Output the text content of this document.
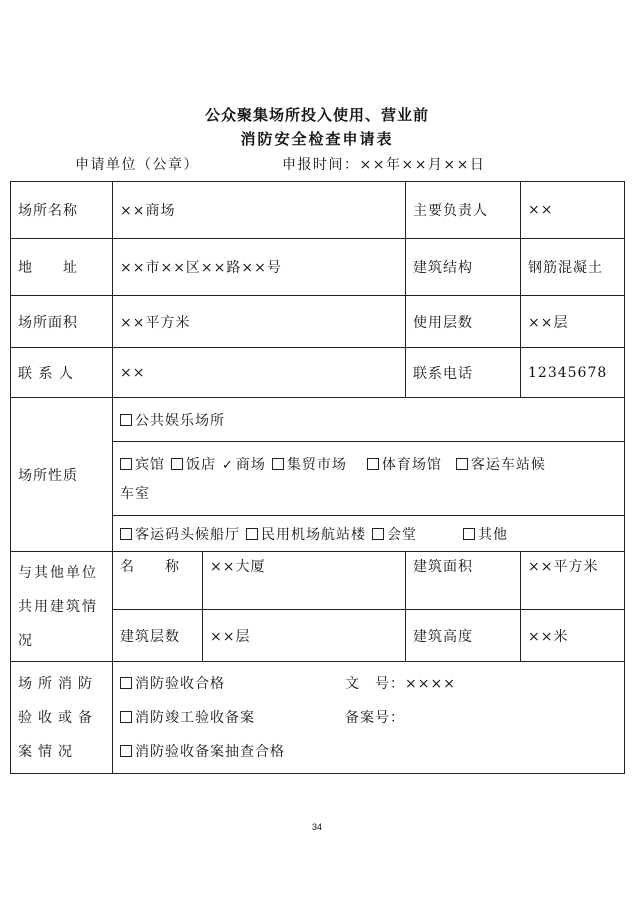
公众聚集场所投入使用、营业前
消防安全检查申请表
申请单位（公章）	申报时间：××年××月××日
场所名称	××商场		主要负责人	××
地　　址	××市××区××路××号		建筑结构	钢筋混凝土
场所面积	××平方米		使用层数	××层
联 系 人	××		联系电话	12345678
场所性质	公共娱乐场所			
	宾馆 饭店 ✓ 商场 集贸市场 体育场馆 客运车站候
车室			
	客运码头候船厅 民用机场航站楼 会堂 其他			
与其他单位共用建筑情况	名　　称	××大厦	建筑面积	××平方米
	建筑层数	××层	建筑高度	××米
场所消防验收或备案情况	消防验收合格 文　号：××××
消防竣工验收备案 备案号：
消防验收备案抽查合格			
34
